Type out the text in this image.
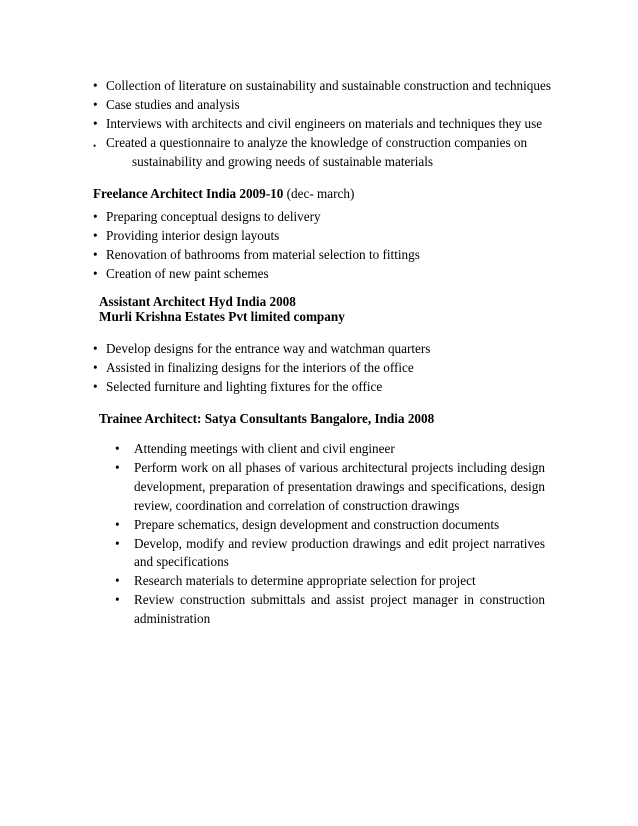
• Collection of literature on sustainability and sustainable construction and techniques
• Case studies and analysis
• Interviews with architects and civil engineers on materials and techniques they use
• Created a questionnaire to analyze the knowledge of construction companies on
sustainability and growing needs of sustainable materials
Freelance Architect India 2009-10 (dec- march)
• Preparing conceptual designs to delivery
• Providing interior design layouts
• Renovation of bathrooms from material selection to fittings
• Creation of new paint schemes
Assistant Architect Hyd India 2008
Murli Krishna Estates Pvt limited company
• Develop designs for the entrance way and watchman quarters
• Assisted in finalizing designs for the interiors of the office
• Selected furniture and lighting fixtures for the office
Trainee Architect: Satya Consultants Bangalore, India 2008
• Attending meetings with client and civil engineer
• Perform work on all phases of various architectural projects including design development, preparation of presentation drawings and specifications, design review, coordination and correlation of construction drawings
• Prepare schematics, design development and construction documents
• Develop, modify and review production drawings and edit project narratives and specifications
• Research materials to determine appropriate selection for project
• Review construction submittals and assist project manager in construction administration
